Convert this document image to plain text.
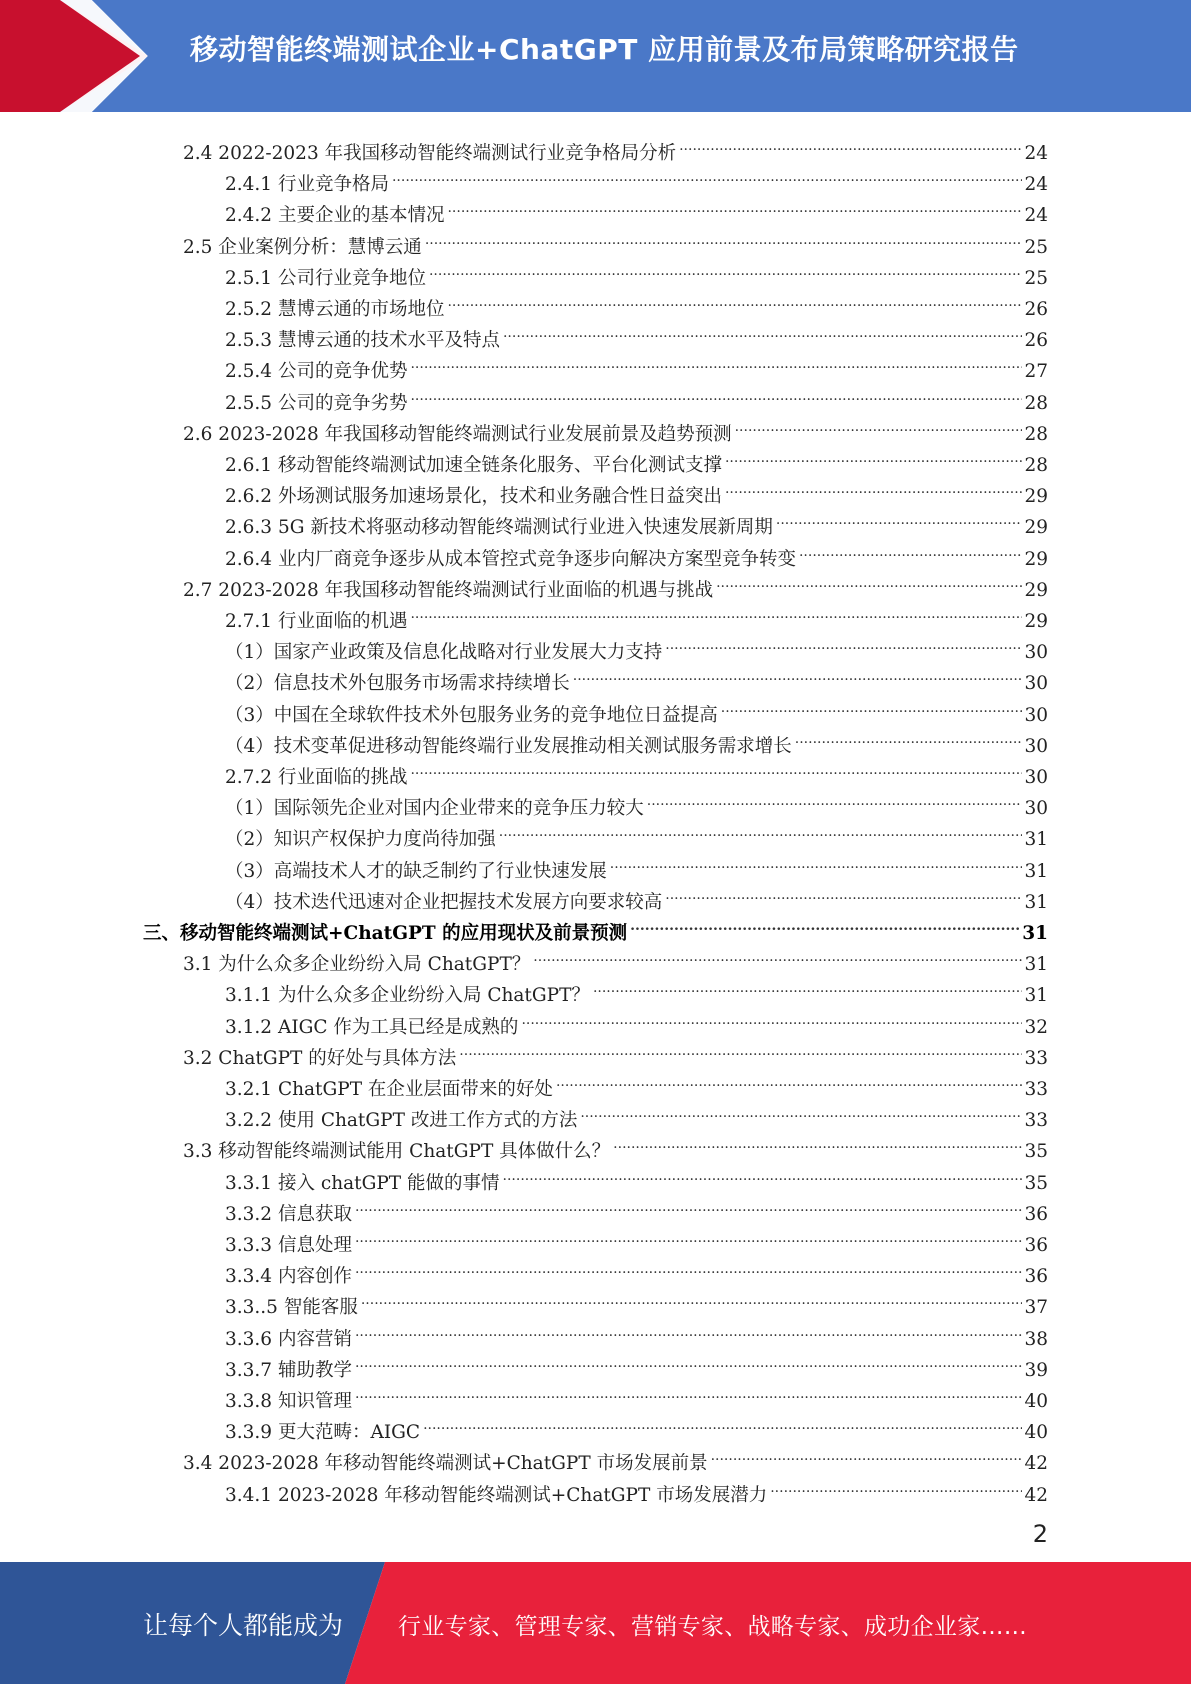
移动智能终端测试企业+ChatGPT 应用前景及布局策略研究报告
2.4 2022-2023 年我国移动智能终端测试行业竞争格局分析 .....	24
2.4.1 行业竞争格局 .....	24
2.4.2 主要企业的基本情况 .....	24
2.5 企业案例分析：慧博云通 .....	25
2.5.1 公司行业竞争地位 .....	25
2.5.2 慧博云通的市场地位 .....	26
2.5.3 慧博云通的技术水平及特点 .....	26
2.5.4 公司的竞争优势 .....	27
2.5.5 公司的竞争劣势 .....	28
2.6 2023-2028 年我国移动智能终端测试行业发展前景及趋势预测 .....	28
2.6.1 移动智能终端测试加速全链条化服务、平台化测试支撑 .....	28
2.6.2 外场测试服务加速场景化，技术和业务融合性日益突出 .....	29
2.6.3 5G 新技术将驱动移动智能终端测试行业进入快速发展新周期 .....	29
2.6.4 业内厂商竞争逐步从成本管控式竞争逐步向解决方案型竞争转变 .....	29
2.7 2023-2028 年我国移动智能终端测试行业面临的机遇与挑战 .....	29
2.7.1 行业面临的机遇 .....	29
（1）国家产业政策及信息化战略对行业发展大力支持 .....	30
（2）信息技术外包服务市场需求持续增长 .....	30
（3）中国在全球软件技术外包服务业务的竞争地位日益提高 .....	30
（4）技术变革促进移动智能终端行业发展推动相关测试服务需求增长 .....	30
2.7.2 行业面临的挑战 .....	30
（1）国际领先企业对国内企业带来的竞争压力较大 .....	30
（2）知识产权保护力度尚待加强 .....	31
（3）高端技术人才的缺乏制约了行业快速发展 .....	31
（4）技术迭代迅速对企业把握技术发展方向要求较高 .....	31
三、移动智能终端测试+ChatGPT 的应用现状及前景预测 .....	31
3.1 为什么众多企业纷纷入局 ChatGPT？ .....	31
3.1.1 为什么众多企业纷纷入局 ChatGPT？ .....	31
3.1.2 AIGC 作为工具已经是成熟的 .....	32
3.2 ChatGPT 的好处与具体方法 .....	33
3.2.1 ChatGPT 在企业层面带来的好处 .....	33
3.2.2 使用 ChatGPT 改进工作方式的方法 .....	33
3.3 移动智能终端测试能用 ChatGPT 具体做什么？ .....	35
3.3.1 接入 chatGPT 能做的事情 .....	35
3.3.2 信息获取 .....	36
3.3.3 信息处理 .....	36
3.3.4 内容创作 .....	36
3.3..5 智能客服 .....	37
3.3.6 内容营销 .....	38
3.3.7 辅助教学 .....	39
3.3.8 知识管理 .....	40
3.3.9 更大范畴：AIGC .....	40
3.4 2023-2028 年移动智能终端测试+ChatGPT 市场发展前景 .....	42
3.4.1 2023-2028 年移动智能终端测试+ChatGPT 市场发展潜力 .....	42
2
让每个人都能成为 行业专家、管理专家、营销专家、战略专家、成功企业家……
